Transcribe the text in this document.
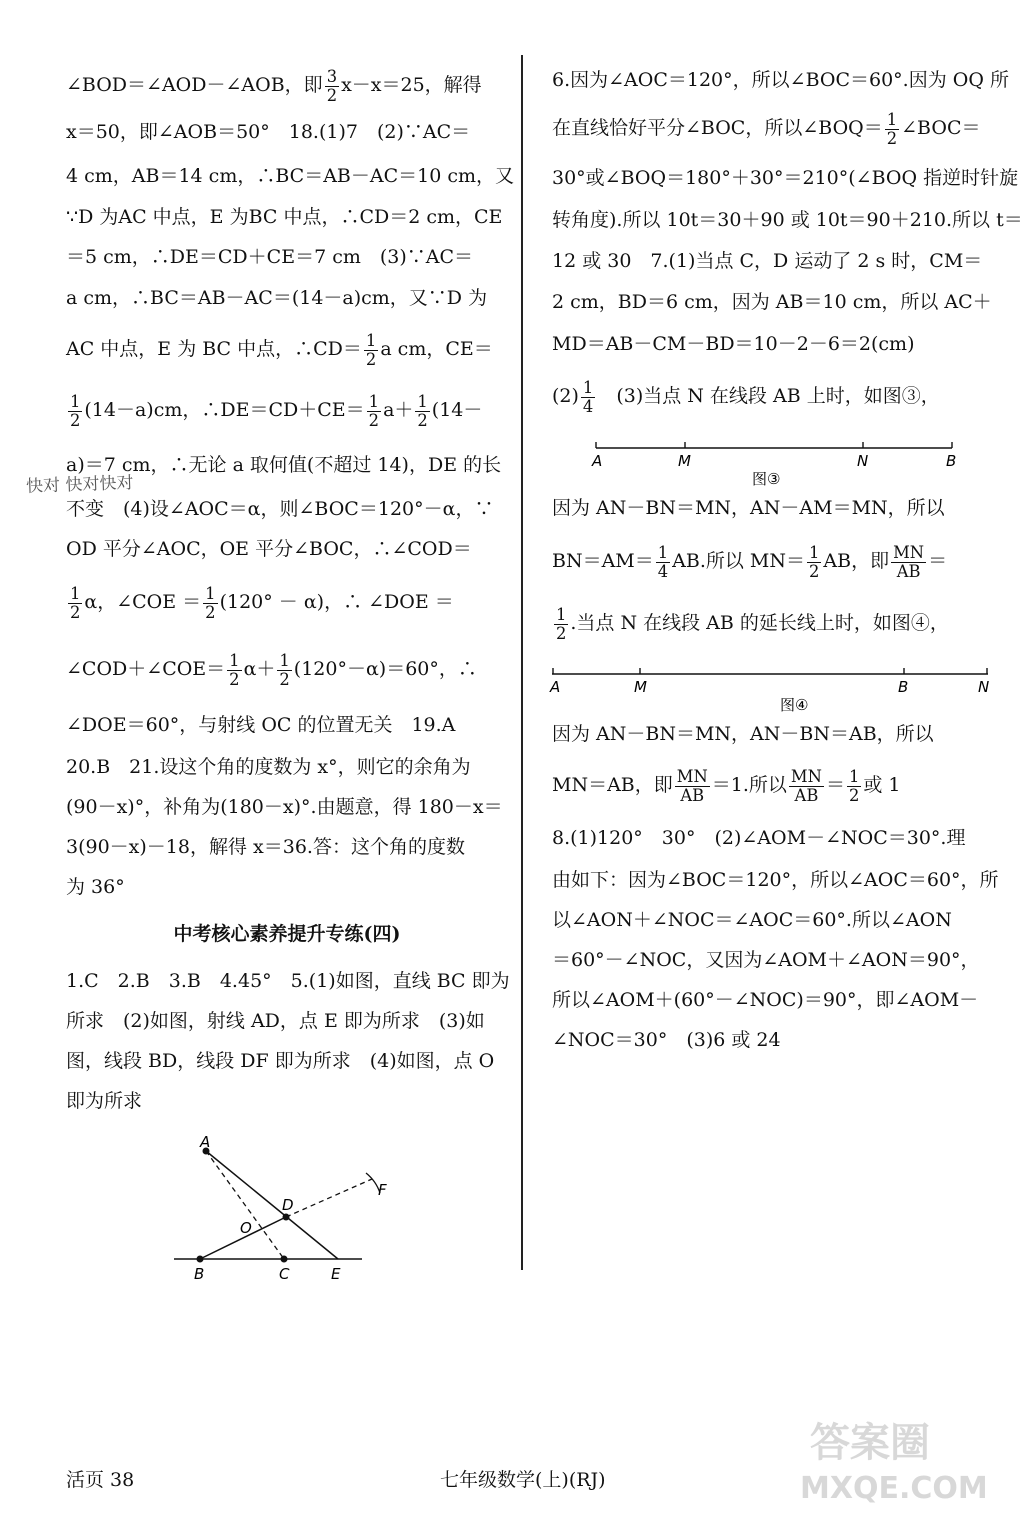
∠BOD＝∠AOD－∠AOB，即 $\frac{3}{2} x-x=25$，解得
x＝50，即∠AOB＝50°　18.(1)7　(2)∵AC＝
4 cm，AB＝14 cm，∴BC＝AB－AC＝10 cm，又
∵D 为AC 中点，E 为BC 中点，∴CD＝2 cm，CE
＝5 cm，∴DE＝CD＋CE＝7 cm　(3)∵AC＝
a cm，∴BC＝AB－AC＝(14－a)cm，又∵D 为
AC 中点，E 为 BC 中点，∴CD＝ $\frac{1}{2}$ a cm，CE＝
$\frac{1}{2} (14-a)cm$，∴DE＝CD＋CE＝ $\frac{1}{2} a+ \frac{1}{2} (14-$
a)＝7 cm，∴无论 a 取何值(不超过 14)，DE 的长
不变　(4)设∠AOC＝α，则∠BOC＝120°－α，∵
OD 平分∠AOC，OE 平分∠BOC，∴∠COD＝
$\frac{1}{2}$ α，∠COE ＝ $\frac{1}{2} (120^\circ - \alpha)$，∴ ∠DOE ＝
∠COD＋∠COE＝ $\frac{1}{2} \alpha+ \frac{1}{2} (120^\circ-\alpha)=60^\circ$，∴
∠DOE＝60°，与射线 OC 的位置无关　19.A
20.B　21.设这个角的度数为 x°，则它的余角为
(90－x)°，补角为(180－x)°.由题意，得 180－x＝
3(90－x)－18，解得 x＝36.答：这个角的度数
为 36°
中考核心素养提升专练(四)
1.C　2.B　3.B　4.45°　5.(1)如图，直线 BC 即为
所求　(2)如图，射线 AD，点 E 即为所求　(3)如
图，线段 BD，线段 DF 即为所求　(4)如图，点 O
即为所求
A
B	C
D
E
F
O
6.因为∠AOC＝120°，所以∠BOC＝60°.因为 OQ 所
在直线恰好平分∠BOC，所以∠BOQ＝ $\frac{1}{2}$ ∠BOC＝
30°或∠BOQ＝180°＋30°＝210°(∠BOQ 指逆时针旋
转角度).所以 10t＝30＋90 或 10t＝90＋210.所以 t＝
12 或 30　7.(1)当点 C，D 运动了 2 s 时，CM＝
2 cm，BD＝6 cm，因为 AB＝10 cm，所以 AC＋
MD＝AB－CM－BD＝10－2－6＝2(cm)
$(2) \frac{1}{4}$ 　(3)当点 N 在线段 AB 上时，如图③，
A	M	N	B
图③
因为 AN－BN＝MN，AN－AM＝MN，所以
$BN=AM= \frac{1}{4}$ AB.所以 $MN= \frac{1}{2}$ AB，即 $\frac{MN}{AB}$ ＝
$\frac{1}{2}$ .当点 N 在线段 AB 的延长线上时，如图④，
A	M	B	N
图④
因为 AN－BN＝MN，AN－BN＝AB，所以
MN＝AB，即 $\frac{MN}{AB} =1$.所以 $\frac{MN}{AB} = \frac{1}{2}$ 或 1
8.(1)120°　30°　(2)∠AOM－∠NOC＝30°.理
由如下：因为∠BOC＝120°，所以∠AOC＝60°，所
以∠AON＋∠NOC＝∠AOC＝60°.所以∠AON
＝60°－∠NOC，又因为∠AOM＋∠AON＝90°，
所以∠AOM＋(60°－∠NOC)＝90°，即∠AOM－
∠NOC＝30°　(3)6 或 24
快对 快对快对
活页 38	七年级数学(上)(RJ)
答案圈
MXQE.COM
